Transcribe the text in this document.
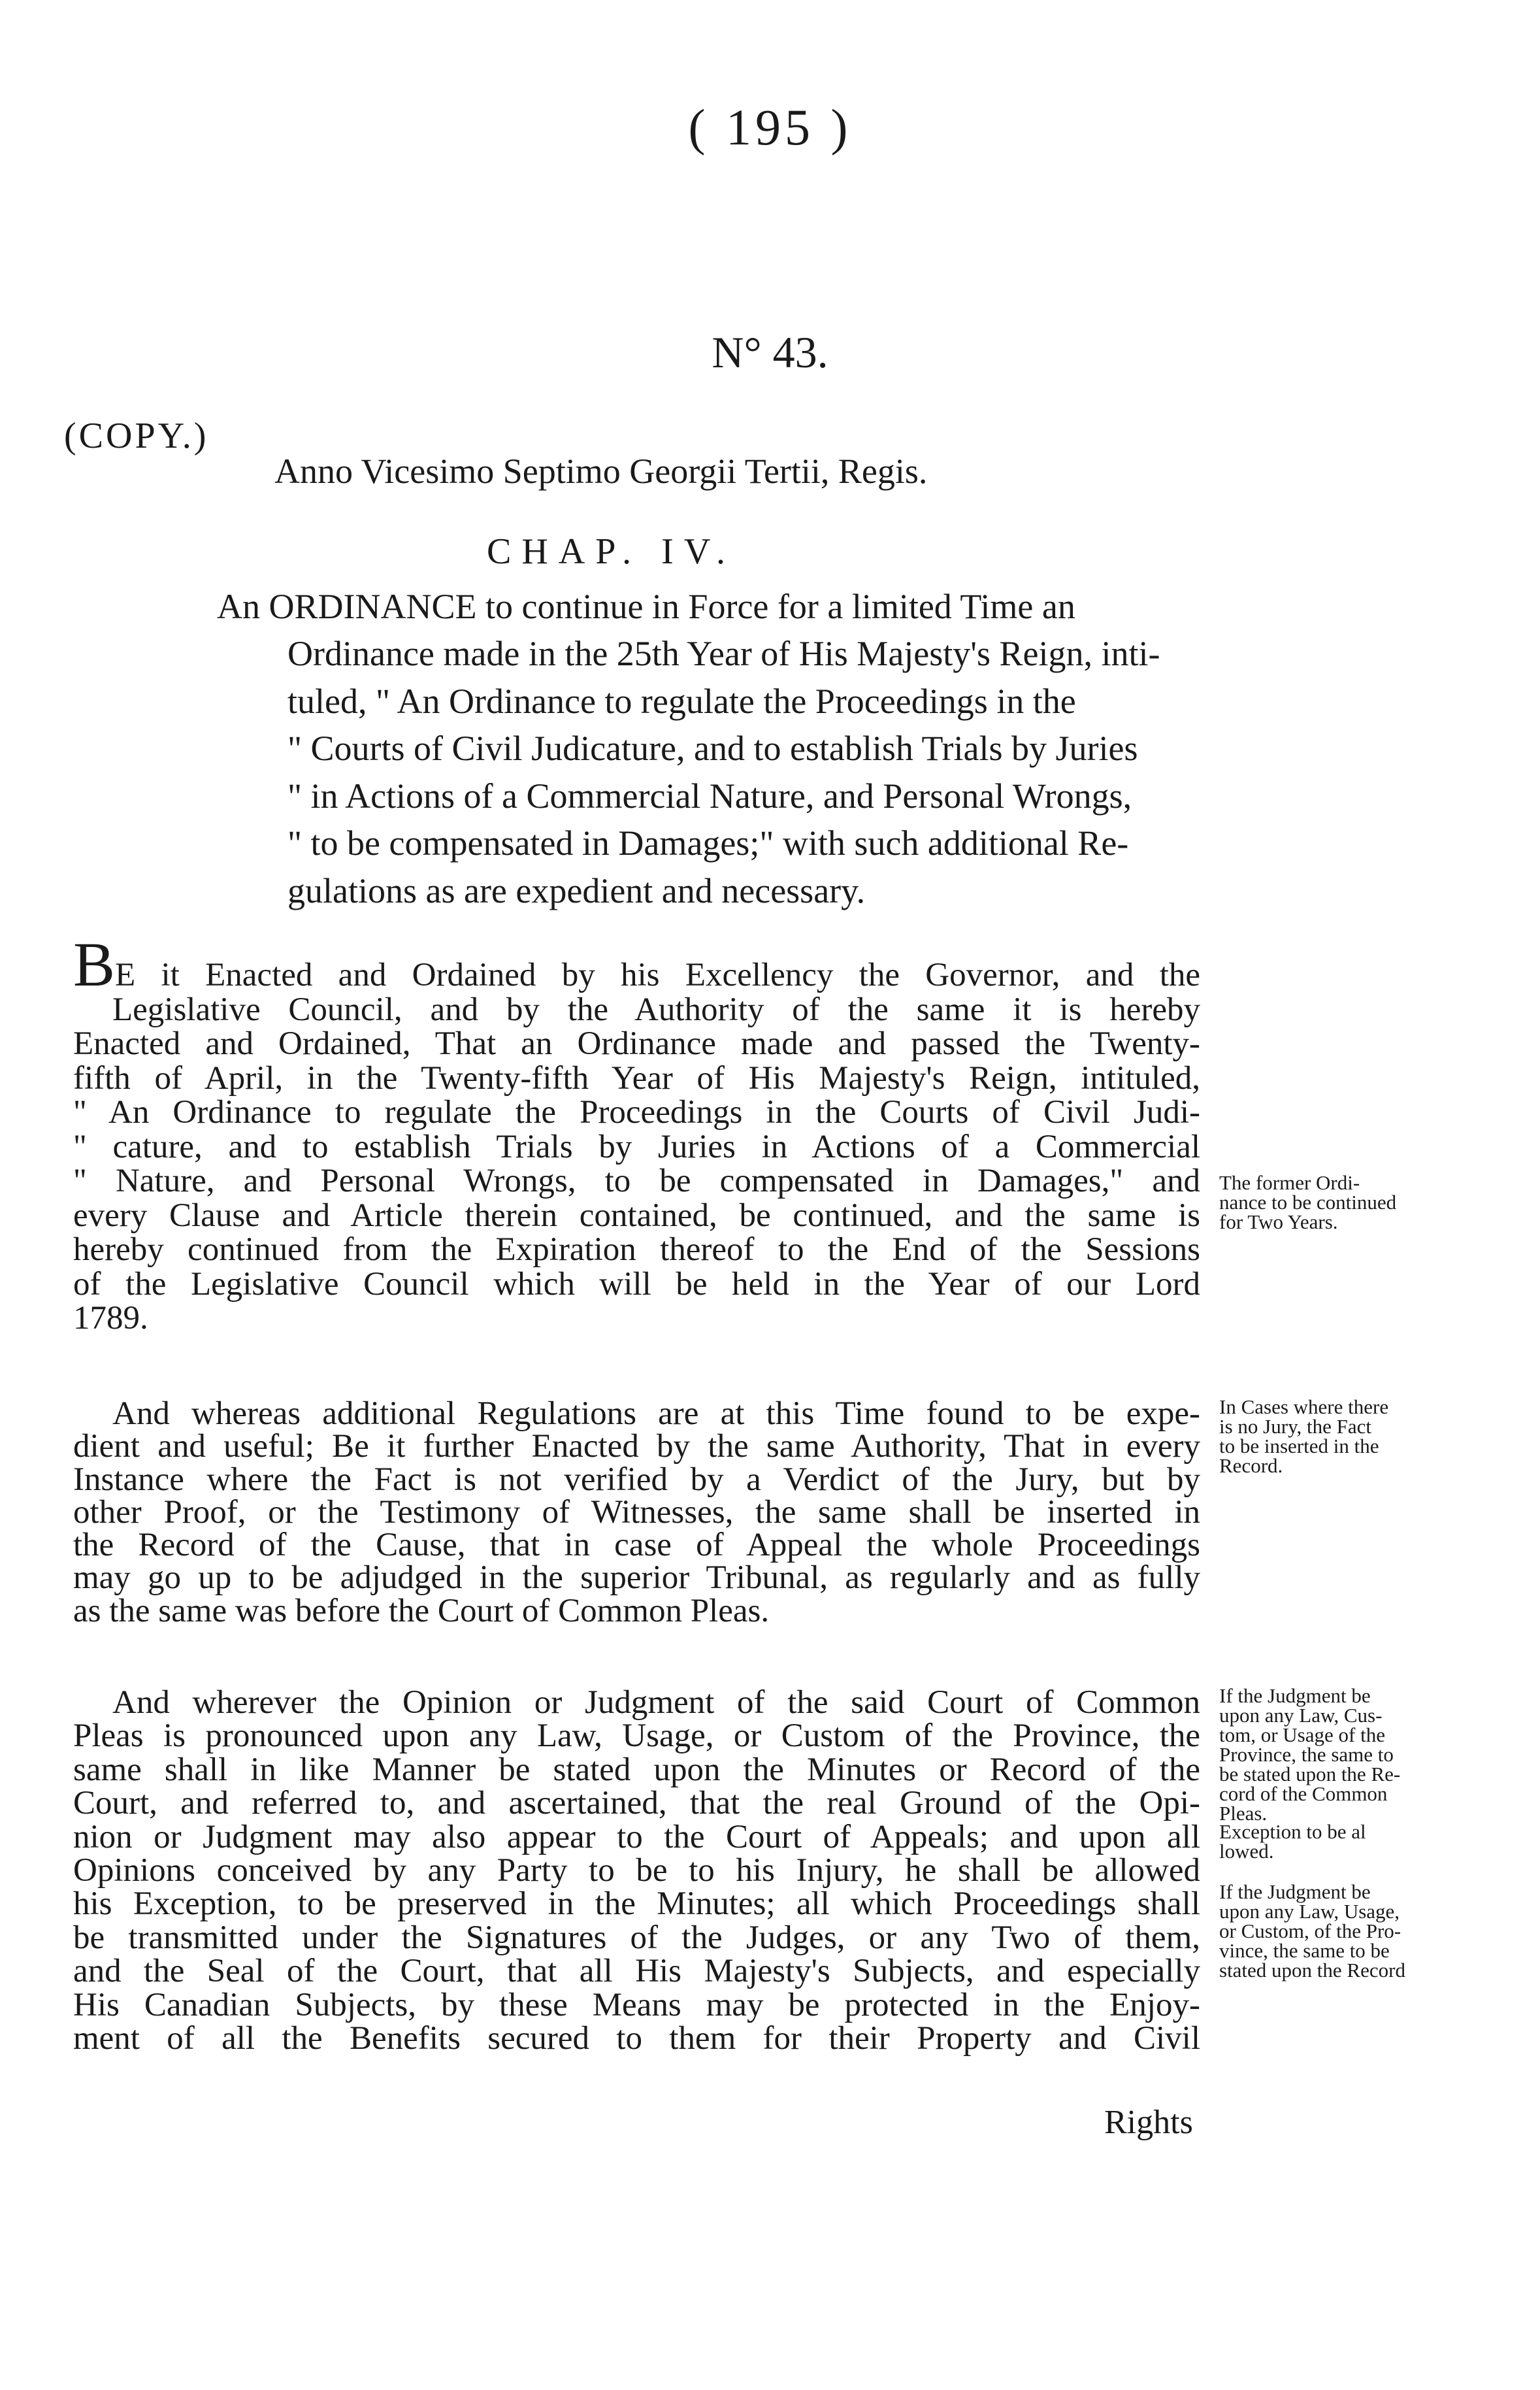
( 195 )
N° 43.
(COPY.)
Anno Vicesimo Septimo Georgii Tertii, Regis.
CHAP. IV.

An ORDINANCE to continue in Force for a limited Time an

Ordinance made in the 25th Year of His Majesty's Reign, inti-
tuled, " An Ordinance to regulate the Proceedings in the
" Courts of Civil Judicature, and to establish Trials by Juries
" in Actions of a Commercial Nature, and Personal Wrongs,
" to be compensated in Damages;" with such additional Re-
gulations as are expedient and necessary.

BE it Enacted and Ordained by his Excellency the Governor, and the
Legislative Council, and by the Authority of the same it is hereby
Enacted and Ordained, That an Ordinance made and passed the Twenty-
fifth of April, in the Twenty-fifth Year of His Majesty's Reign, intituled,
" An Ordinance to regulate the Proceedings in the Courts of Civil Judi-
" cature, and to establish Trials by Juries in Actions of a Commercial
" Nature, and Personal Wrongs, to be compensated in Damages," and
every Clause and Article therein contained, be continued, and the same is
hereby continued from the Expiration thereof to the End of the Sessions
of the Legislative Council which will be held in the Year of our Lord
1789.

And whereas additional Regulations are at this Time found to be expe-
dient and useful; Be it further Enacted by the same Authority, That in every
Instance where the Fact is not verified by a Verdict of the Jury, but by
other Proof, or the Testimony of Witnesses, the same shall be inserted in
the Record of the Cause, that in case of Appeal the whole Proceedings
may go up to be adjudged in the superior Tribunal, as regularly and as fully
as the same was before the Court of Common Pleas.

And wherever the Opinion or Judgment of the said Court of Common
Pleas is pronounced upon any Law, Usage, or Custom of the Province, the
same shall in like Manner be stated upon the Minutes or Record of the
Court, and referred to, and ascertained, that the real Ground of the Opi-
nion or Judgment may also appear to the Court of Appeals; and upon all
Opinions conceived by any Party to be to his Injury, he shall be allowed
his Exception, to be preserved in the Minutes; all which Proceedings shall
be transmitted under the Signatures of the Judges, or any Two of them,
and the Seal of the Court, that all His Majesty's Subjects, and especially
His Canadian Subjects, by these Means may be protected in the Enjoy-
ment of all the Benefits secured to them for their Property and Civil

Rights

The former Ordi-
nance to be continued
for Two Years.

In Cases where there
is no Jury, the Fact
to be inserted in the
Record.

If the Judgment be
upon any Law, Cus-
tom, or Usage of the
Province, the same to
be stated upon the Re-
cord of the Common
Pleas.

Exception to be al
lowed.

If the Judgment be
upon any Law, Usage,
or Custom, of the Pro-
vince, the same to be
stated upon the Record
